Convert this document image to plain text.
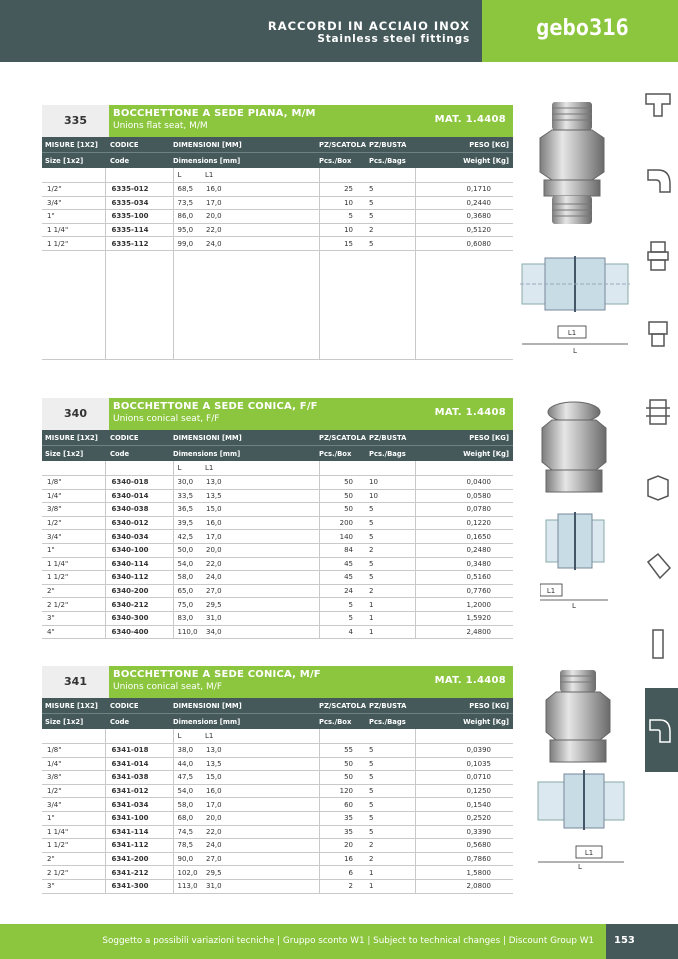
RACCORDI IN ACCIAIO INOX
Stainless steel fittings	gebo316
335
BOCCHETTONE A SEDE PIANA, M/M
Unions flat seat, M/M
MAT. 1.4408
MISURE [1X2] CODICE	DIMENSIONI [MM]	PZ/SCATOLA PZ/BUSTA	PESO [KG]
Size [1x2]	Code	Dimensions [mm]	Pcs./Box	Pcs./Bags	Weight [Kg]
		L	L1			
1/2"	6335-012	68,5	16,0	25	5	0,1710
3/4"	6335-034	73,5	17,0	10	5	0,2440
1"	6335-100	86,0	20,0	5	5	0,3680
1 1/4"	6335-114	95,0	22,0	10	2	0,5120
1 1/2"	6335-112	99,0	24,0	15	5	0,6080

340
BOCCHETTONE A SEDE CONICA, F/F
Unions conical seat, F/F
MAT. 1.4408
MISURE [1X2] CODICE	DIMENSIONI [MM]	PZ/SCATOLA PZ/BUSTA	PESO [KG]
Size [1x2]	Code	Dimensions [mm]	Pcs./Box	Pcs./Bags	Weight [Kg]
		L	L1			
1/8"	6340-018	30,0	13,0	50	10	0,0400
1/4"	6340-014	33,5	13,5	50	10	0,0580
3/8"	6340-038	36,5	15,0	50	5	0,0780
1/2"	6340-012	39,5	16,0	200	5	0,1220
3/4"	6340-034	42,5	17,0	140	5	0,1650
1"	6340-100	50,0	20,0	84	2	0,2480
1 1/4"	6340-114	54,0	22,0	45	5	0,3480
1 1/2"	6340-112	58,0	24,0	45	5	0,5160
2"	6340-200	65,0	27,0	24	2	0,7760
2 1/2"	6340-212	75,0	29,5	5	1	1,2000
3"	6340-300	83,0	31,0	5	1	1,5920
4"	6340-400	110,0	34,0	4	1	2,4800
341
BOCCHETTONE A SEDE CONICA, M/F
Unions conical seat, M/F
MAT. 1.4408
MISURE [1X2] CODICE	DIMENSIONI [MM]	PZ/SCATOLA PZ/BUSTA	PESO [KG]
Size [1x2]	Code	Dimensions [mm]	Pcs./Box	Pcs./Bags	Weight [Kg]
		L	L1			
1/8"	6341-018	38,0	13,0	55	5	0,0390
1/4"	6341-014	44,0	13,5	50	5	0,1035
3/8"	6341-038	47,5	15,0	50	5	0,0710
1/2"	6341-012	54,0	16,0	120	5	0,1250
3/4"	6341-034	58,0	17,0	60	5	0,1540
1"	6341-100	68,0	20,0	35	5	0,2520
1 1/4"	6341-114	74,5	22,0	35	5	0,3390
1 1/2"	6341-112	78,5	24,0	20	2	0,5680
2"	6341-200	90,0	27,0	16	2	0,7860
2 1/2"	6341-212	102,0	29,5	6	1	1,5800
3"	6341-300	113,0	31,0	2	1	2,0800
L1
L
L1
L
L1
L
Soggetto a possibili variazioni tecniche | Gruppo sconto W1 | Subject to technical changes | Discount Group W1 153
